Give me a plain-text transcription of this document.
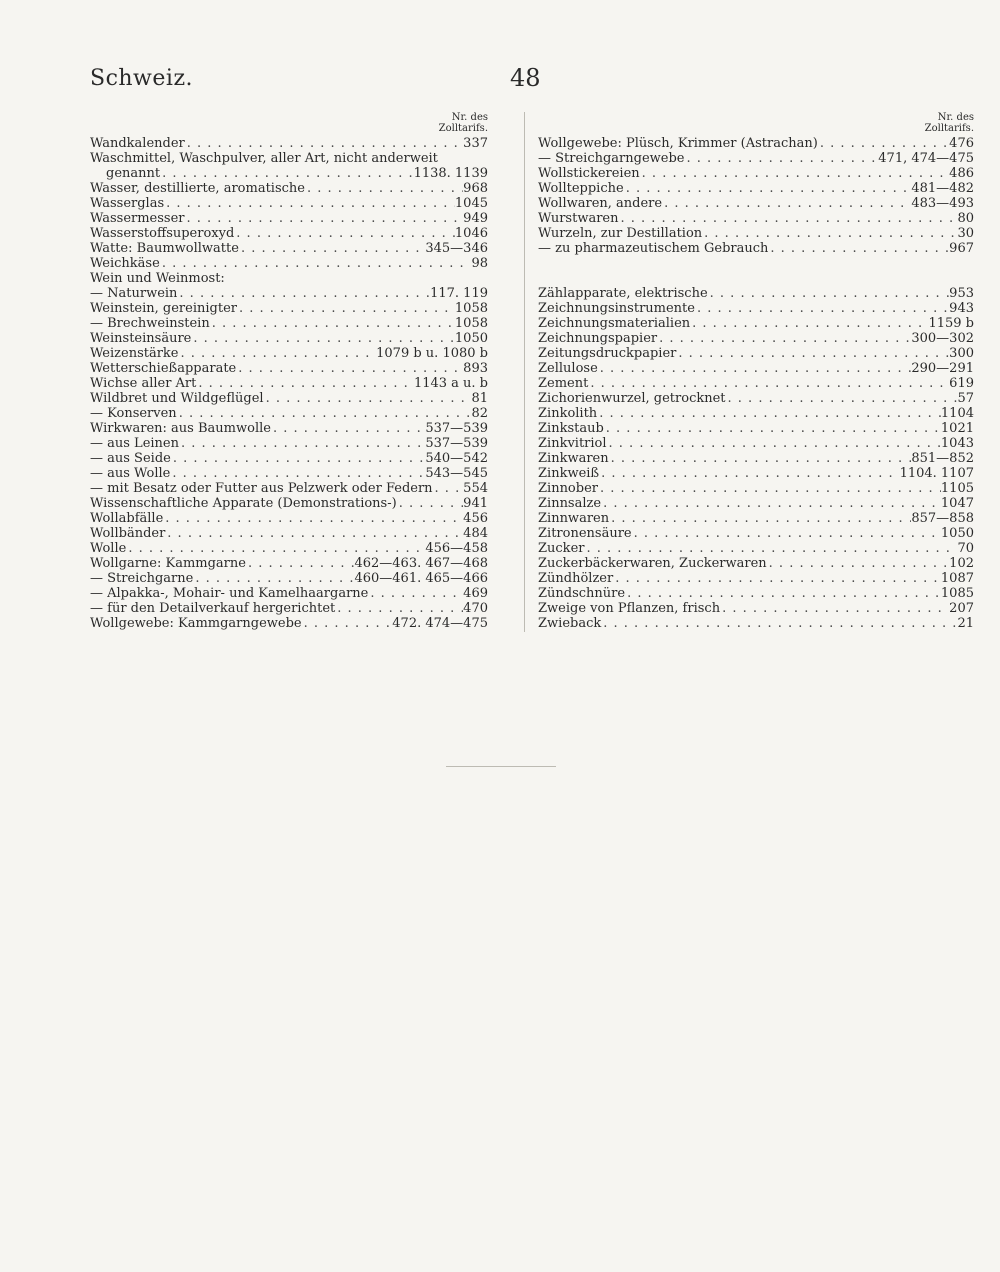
Schweiz.	48
Nr. des
Zolltarifs.
Wandkalender . . .	337
Waschmittel, Waschpulver, aller Art, nicht anderweit
genannt . . .	1138. 1139
Wasser, destillierte, aromatische . . .	968
Wasserglas . . .	1045
Wassermesser . . .	949
Wasserstoffsuperoxyd . . .	1046
Watte: Baumwollwatte . . .	345—346
Weichkäse . . .	98
Wein und Weinmost:
— Naturwein . . .	117. 119
Weinstein, gereinigter . . .	1058
— Brechweinstein . . .	1058
Weinsteinsäure . . .	1050
Weizenstärke . . .	1079 b u. 1080 b
Wetterschießapparate . . .	893
Wichse aller Art . . .	1143 a u. b
Wildbret und Wildgeflügel . . .	81
— Konserven . . .	82
Wirkwaren: aus Baumwolle . . .	537—539
— aus Leinen . . .	537—539
— aus Seide . . .	540—542
— aus Wolle . . .	543—545
— mit Besatz oder Futter aus Pelzwerk oder Federn . . . 554
Wissenschaftliche Apparate (Demonstrations-) . . .	941
Wollabfälle . . .	456
Wollbänder . . .	484
Wolle . . .	456—458
Wollgarne: Kammgarne . . .	462—463. 467—468
— Streichgarne . . .	460—461. 465—466
— Alpakka-, Mohair- und Kamelhaargarne . . .	469
— für den Detailverkauf hergerichtet . . .	470
Wollgewebe: Kammgarngewebe . . .	472. 474—475
Nr. des
Zolltarifs.
Wollgewebe: Plüsch, Krimmer (Astrachan) . . .	476
— Streichgarngewebe . . .	471, 474—475
Wollstickereien . . .	486
Wollteppiche . . .	481—482
Wollwaren, andere . . .	483—493
Wurstwaren . . .	80
Wurzeln, zur Destillation . . .	30
— zu pharmazeutischem Gebrauch . . .	967
Zählapparate, elektrische . . .	953
Zeichnungsinstrumente . . .	943
Zeichnungsmaterialien . . .	1159 b
Zeichnungspapier . . .	300—302
Zeitungsdruckpapier . . .	300
Zellulose . . .	290—291
Zement . . .	619
Zichorienwurzel, getrocknet . . .	57
Zinkolith . . .	1104
Zinkstaub . . .	1021
Zinkvitriol . . .	1043
Zinkwaren . . .	851—852
Zinkweiß . . .	1104. 1107
Zinnober . . .	1105
Zinnsalze . . .	1047
Zinnwaren . . .	857—858
Zitronensäure . . .	1050
Zucker . . .	70
Zuckerbäckerwaren, Zuckerwaren . . .	102
Zündhölzer . . .	1087
Zündschnüre . . .	1085
Zweige von Pflanzen, frisch . . .	207
Zwieback . . .	21
